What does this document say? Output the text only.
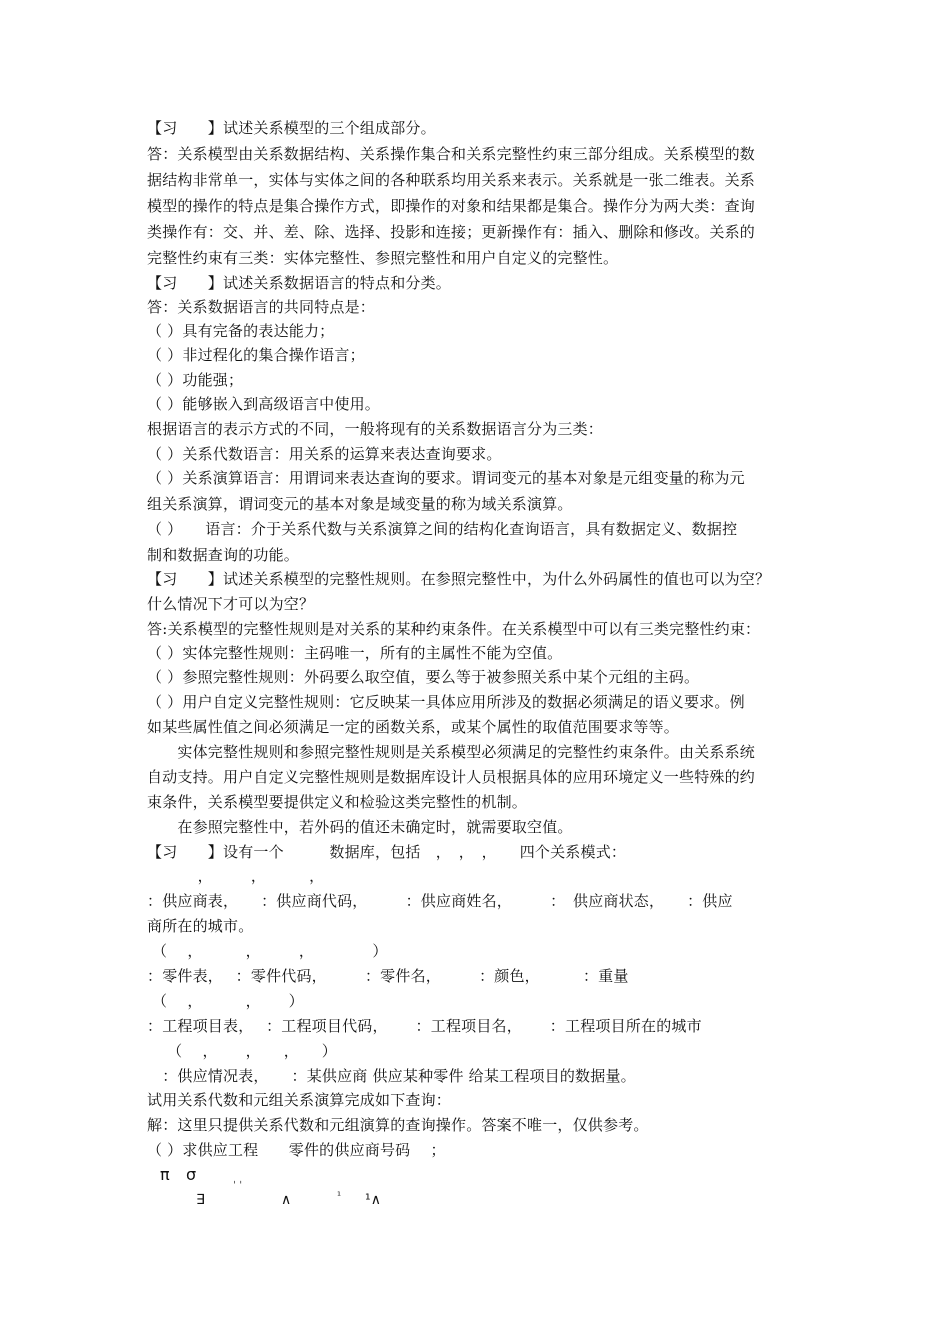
【习　　】试述关系模型的三个组成部分。
答：关系模型由关系数据结构、关系操作集合和关系完整性约束三部分组成。关系模型的数
据结构非常单一，实体与实体之间的各种联系均用关系来表示。关系就是一张二维表。关系
模型的操作的特点是集合操作方式，即操作的对象和结果都是集合。操作分为两大类：查询
类操作有：交、并、差、除、选择、投影和连接；更新操作有：插入、删除和修改。关系的
完整性约束有三类：实体完整性、参照完整性和用户自定义的完整性。
【习　　】试述关系数据语言的特点和分类。
答：关系数据语言的共同特点是：
（ ）具有完备的表达能力；
（ ）非过程化的集合操作语言；
（ ）功能强；
（ ）能够嵌入到高级语言中使用。
根据语言的表示方式的不同，一般将现有的关系数据语言分为三类：
（ ）关系代数语言：用关系的运算来表达查询要求。
（ ）关系演算语言：用谓词来表达查询的要求。谓词变元的基本对象是元组变量的称为元
组关系演算，谓词变元的基本对象是域变量的称为域关系演算。
（ ）　　语言：介于关系代数与关系演算之间的结构化查询语言，具有数据定义、数据控
制和数据查询的功能。
【习　　】试述关系模型的完整性规则。在参照完整性中，为什么外码属性的值也可以为空？
什么情况下才可以为空？
答:关系模型的完整性规则是对关系的某种约束条件。在关系模型中可以有三类完整性约束：
（ ）实体完整性规则：主码唯一，所有的主属性不能为空值。
（ ）参照完整性规则：外码要么取空值，要么等于被参照关系中某个元组的主码。
（ ）用户自定义完整性规则：它反映某一具体应用所涉及的数据必须满足的语义要求。例
如某些属性值之间必须满足一定的函数关系，或某个属性的取值范围要求等等。
　　实体完整性规则和参照完整性规则是关系模型必须满足的完整性约束条件。由关系系统
自动支持。用户自定义完整性规则是数据库设计人员根据具体的应用环境定义一些特殊的约
束条件，关系模型要提供定义和检验这类完整性的机制。
　　在参照完整性中，若外码的值还未确定时，就需要取空值。
【习　　】设有一个　　　数据库，包括　，　，　，　　四个关系模式：
　　　 ，　　　，　　　 ，
：供应商表，　　：供应商代码，　　　：供应商姓名，　　　：　供应商状态，　　：供应
商所在的城市。
（　 ，　　　 ，　　　，　　　 　）
：零件表，　 ：零件代码，　　　：零件名，　　　：颜色，　　　 ：重量
（　 ，　　　 ，　　 ）
：工程项目表，　 ：工程项目代码，　　 ：工程项目名，　　 ：工程项目所在的城市
　 （　 ，　　 ，　　，　　）
　：供应情况表，　　：某供应商 供应某种零件 给某工程项目的数据量。
试用关系代数和元组关系演算完成如下查询：
解：这里只提供关系代数和元组演算的查询操作。答案不唯一，仅供参考。
（ ）求供应工程　　零件的供应商号码　 ；
π　σ	ˌ ˌ
∃	∧	¹ ¹∧
